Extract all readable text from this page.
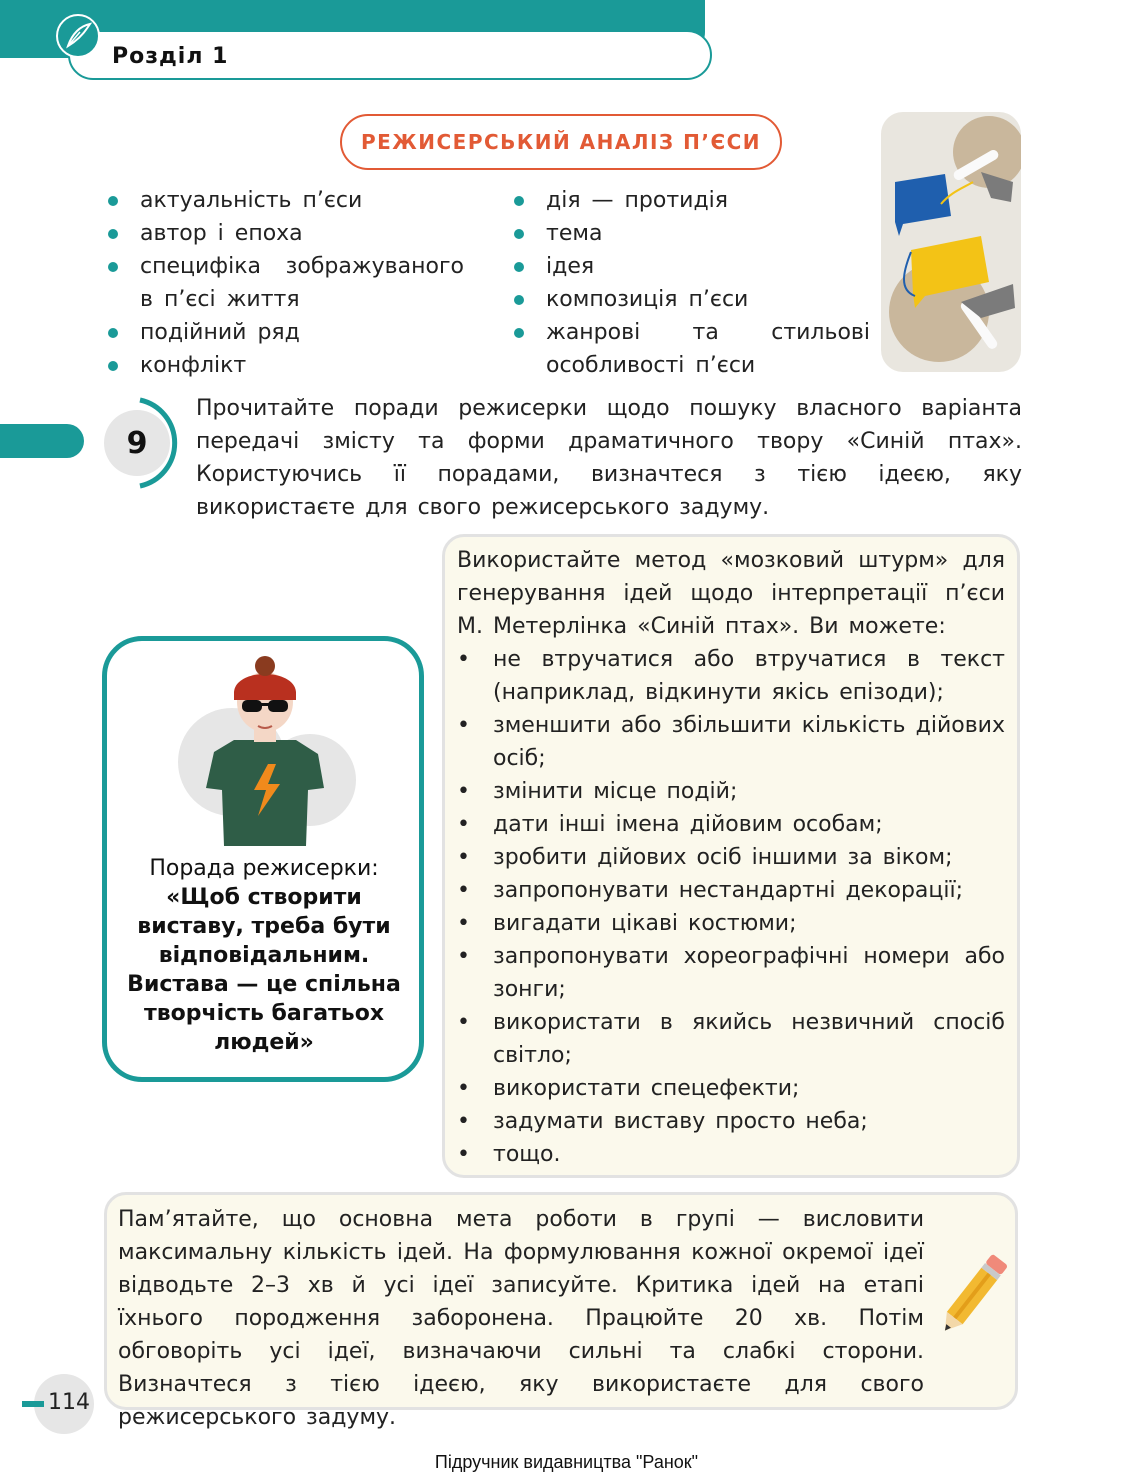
Розділ 1
РЕЖИСЕРСЬКИЙ АНАЛІЗ П’ЄСИ
актуальність п’єси
автор і епоха
специфіка зображуваного в п’єсі життя
подійний ряд
конфлікт
дія — протидія
тема
ідея
композиція п’єси
жанрові та стильові особливості п’єси
9
Прочитайте поради режисерки щодо пошуку власного варіанта передачі змісту та форми драматичного твору «Синій птах». Користуючись її порадами, визначтеся з тією ідеєю, яку використаєте для свого режисерського задуму.
Порада режисерки:
«Щоб створити виставу, треба бути відповідальним. Вистава — це спільна творчість багатьох людей»
Використайте метод «мозковий штурм» для генерування ідей щодо інтерпретації п’єси М. Метерлінка «Синій птах». Ви можете:
• не втручатися або втручатися в текст (наприклад, відкинути якісь епізоди);
• зменшити або збільшити кількість дійових осіб;
• змінити місце подій;
• дати інші імена дійовим особам;
• зробити дійових осіб іншими за віком;
• запропонувати нестандартні декорації;
• вигадати цікаві костюми;
• запропонувати хореографічні номери або зонги;
• використати в якийсь незвичний спосіб світло;
• використати спецефекти;
• задумати виставу просто неба;
• тощо.
Пам’ятайте, що основна мета роботи в групі — висловити максимальну кількість ідей. На формулювання кожної окремої ідеї відводьте 2–3 хв й усі ідеї записуйте. Критика ідей на етапі їхнього породження заборонена. Працюйте 20 хв. Потім обговоріть усі ідеї, визначаючи сильні та слабкі сторони. Визначтеся з тією ідеєю, яку використаєте для свого режисерського задуму.
114
Підручник видавництва "Ранок"
